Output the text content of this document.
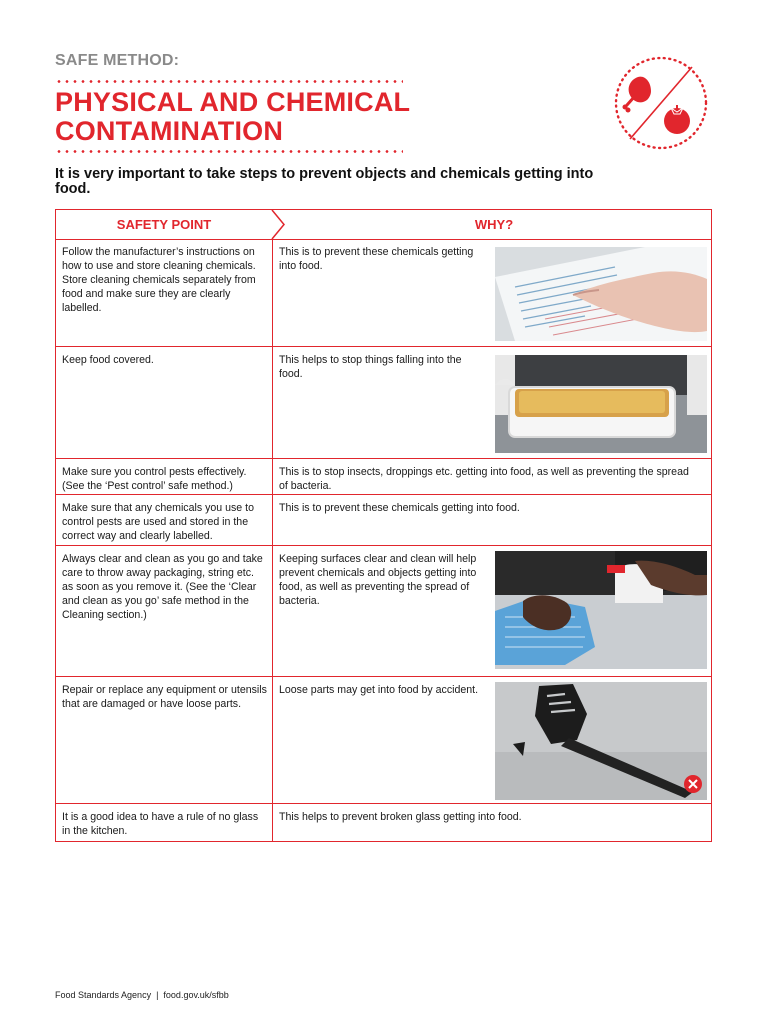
SAFE METHOD:
PHYSICAL AND CHEMICAL
CONTAMINATION
It is very important to take steps to prevent objects and chemicals getting into food.
SAFETY POINT	WHY?
Follow the manufacturer’s instructions on how to use and store cleaning chemicals. Store cleaning chemicals separately from food and make sure they are clearly labelled.
This is to prevent these chemicals getting into food.
Keep food covered.	This helps to stop things falling into the food.
Make sure you control pests effectively. (See the ‘Pest control’ safe method.)
This is to stop insects, droppings etc. getting into food, as well as preventing the spread of bacteria.
Make sure that any chemicals you use to control pests are used and stored in the correct way and clearly labelled.
This is to prevent these chemicals getting into food.
Always clear and clean as you go and take care to throw away packaging, string etc. as soon as you remove it. (See the ‘Clear and clean as you go’ safe method in the Cleaning section.)
Keeping surfaces clear and clean will help prevent chemicals and objects getting into food, as well as preventing the spread of bacteria.
Repair or replace any equipment or utensils that are damaged or have loose parts.
Loose parts may get into food by accident.
It is a good idea to have a rule of no glass in the kitchen.
This helps to prevent broken glass getting into food.
Food Standards Agency | food.gov.uk/sfbb
